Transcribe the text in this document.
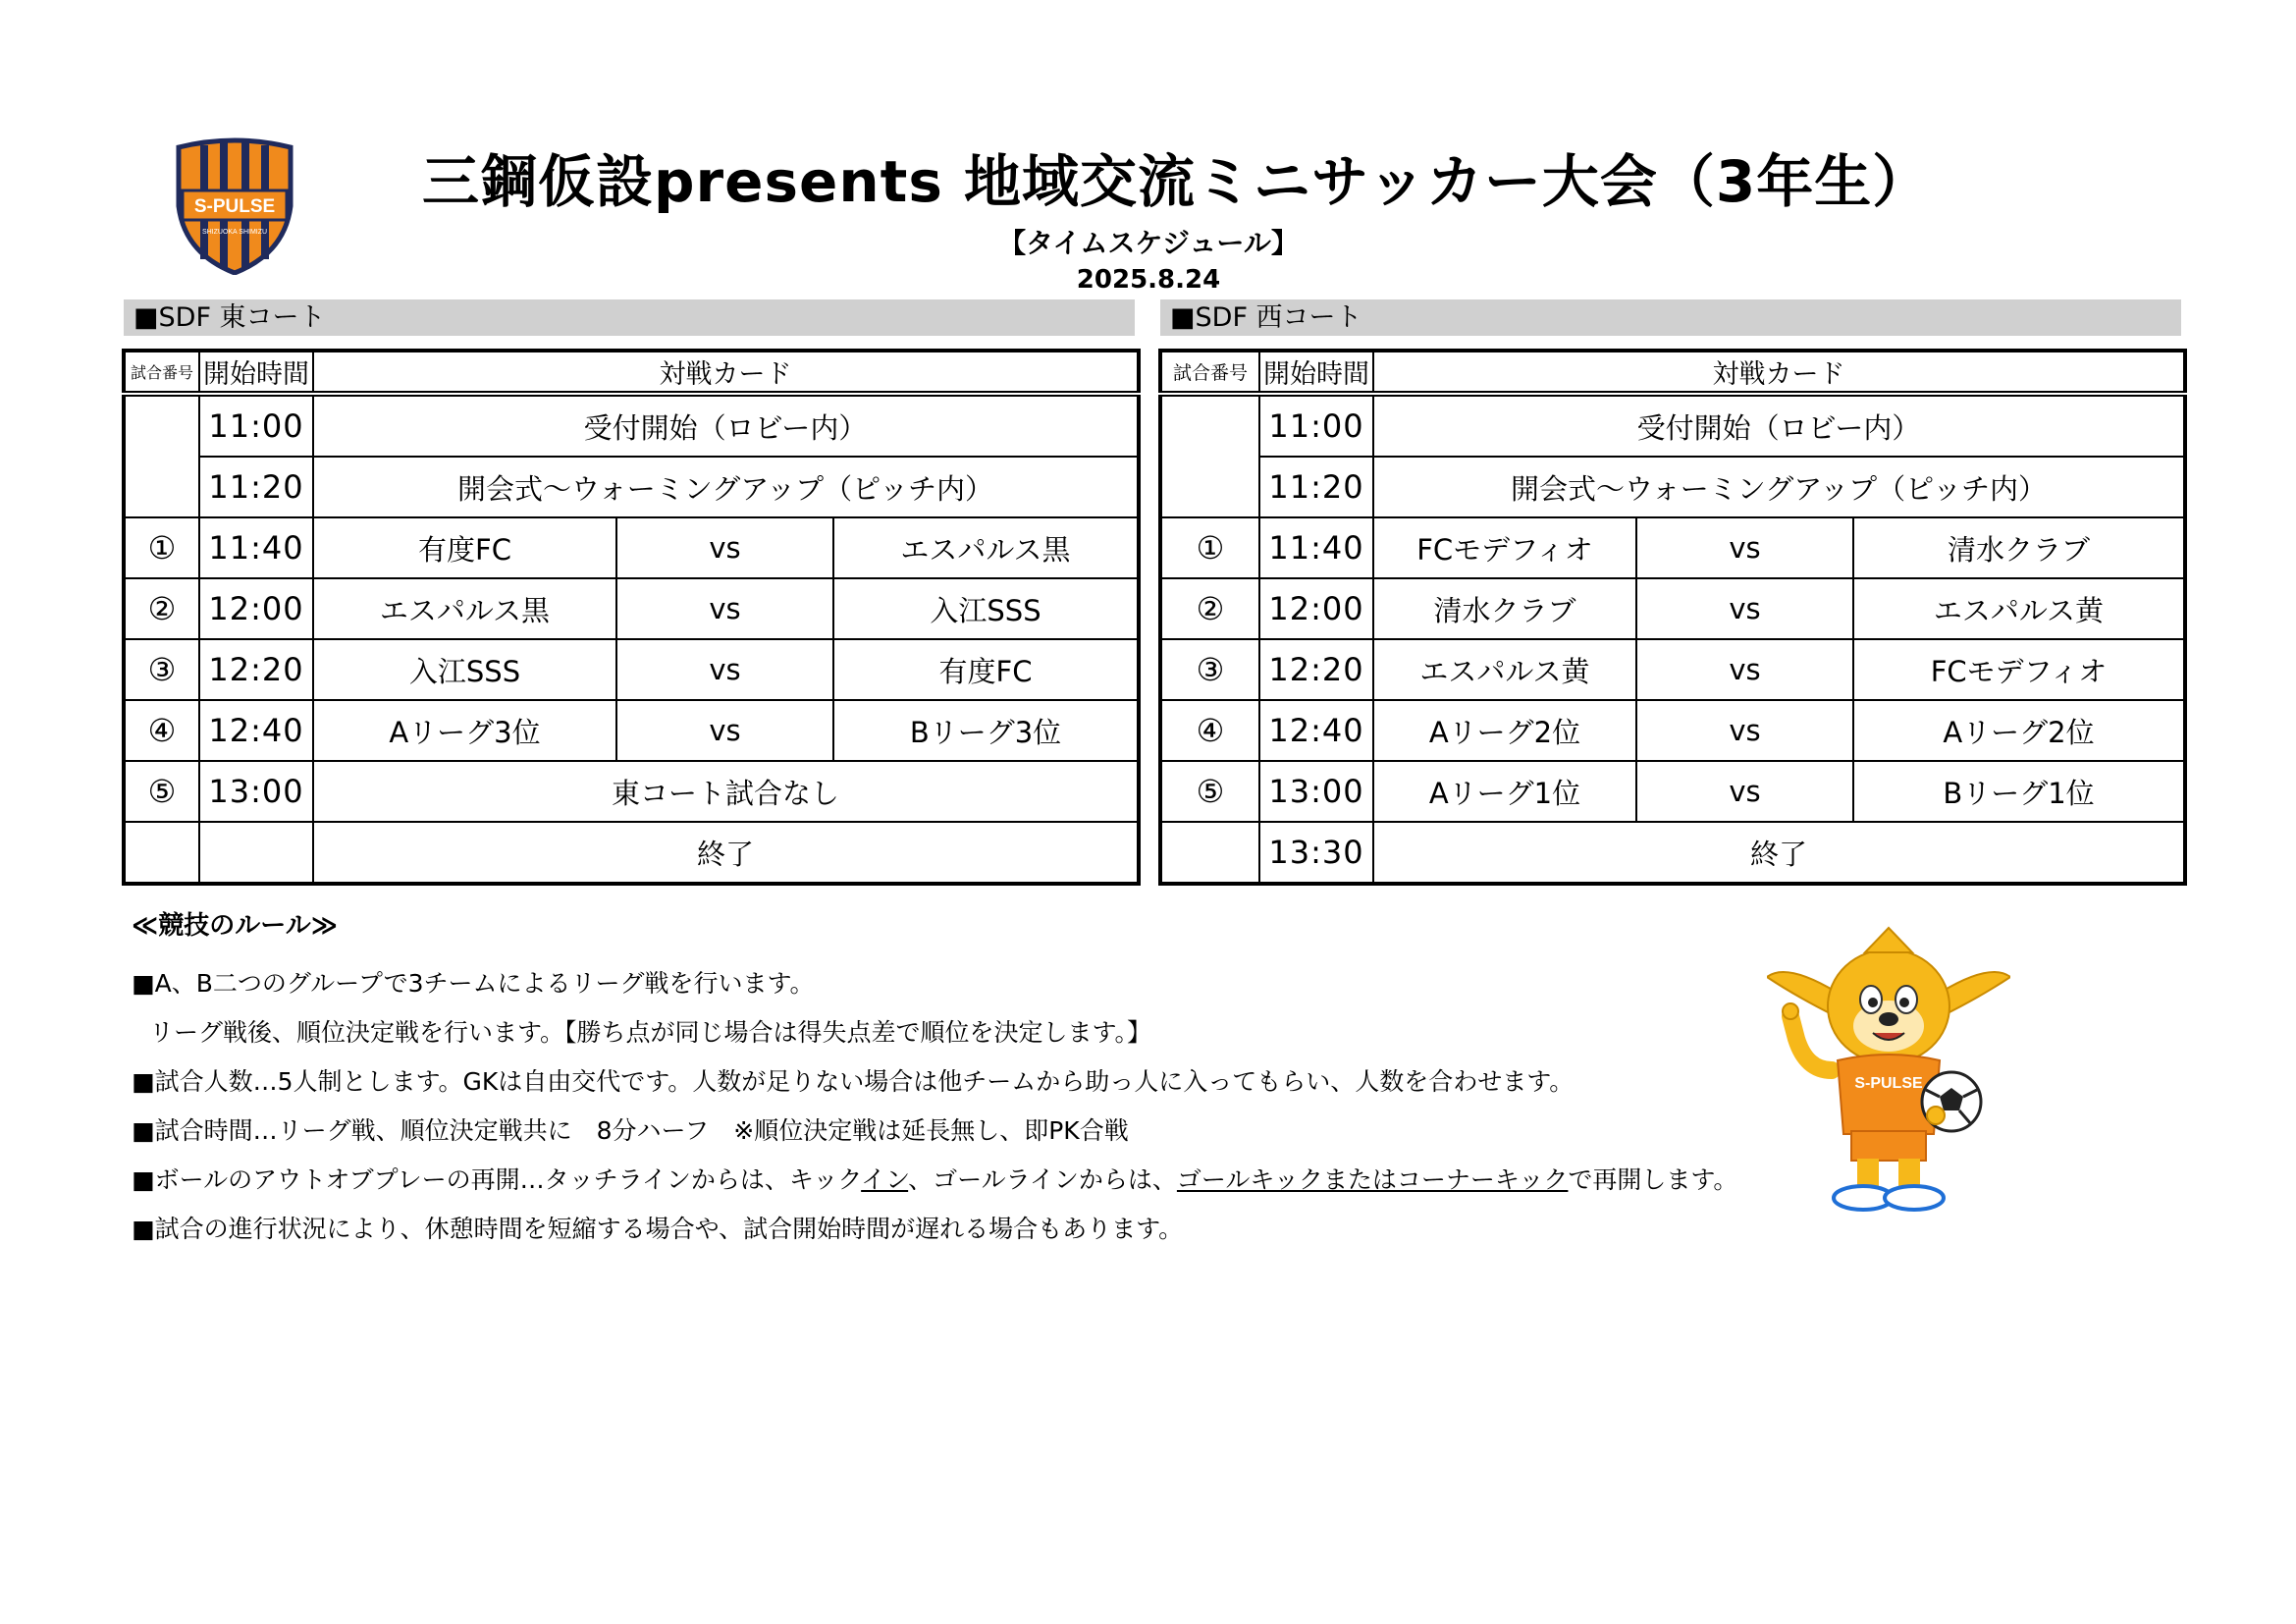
S-PULSE
SHIZUOKA SHIMIZU
三鋼仮設presents 地域交流ミニサッカー大会（3年生）
【タイムスケジュール】
2025.8.24
■SDF 東コート	■SDF 西コート
試合番号	開始時間	対戦カード		
	11:00	受付開始（ロビー内）		
	11:20	開会式～ウォーミングアップ（ピッチ内）		
①	11:40	有度FC	vs	エスパルス黒
②	12:00	エスパルス黒	vs	入江SSS
③	12:20	入江SSS	vs	有度FC
④	12:40	Aリーグ3位	vs	Bリーグ3位
⑤	13:00	東コート試合なし		
		終了		
試合番号	開始時間	対戦カード		
	11:00	受付開始（ロビー内）		
	11:20	開会式～ウォーミングアップ（ピッチ内）		
①	11:40	FCモデフィオ	vs	清水クラブ
②	12:00	清水クラブ	vs	エスパルス黄
③	12:20	エスパルス黄	vs	FCモデフィオ
④	12:40	Aリーグ2位	vs	Aリーグ2位
⑤	13:00	Aリーグ1位	vs	Bリーグ1位
	13:30	終了		
≪競技のルール≫
■A、B二つのグループで3チームによるリーグ戦を行います。
リーグ戦後、順位決定戦を行います。【勝ち点が同じ場合は得失点差で順位を決定します。】
■試合人数…5人制とします。GKは自由交代です。人数が足りない場合は他チームから助っ人に入ってもらい、人数を合わせます。
■試合時間…リーグ戦、順位決定戦共に　8分ハーフ　※順位決定戦は延長無し、即PK合戦
■ボールのアウトオブプレーの再開…タッチラインからは、キックイン、ゴールラインからは、ゴールキックまたはコーナーキックで再開します。
■試合の進行状況により、休憩時間を短縮する場合や、試合開始時間が遅れる場合もあります。
S-PULSE
